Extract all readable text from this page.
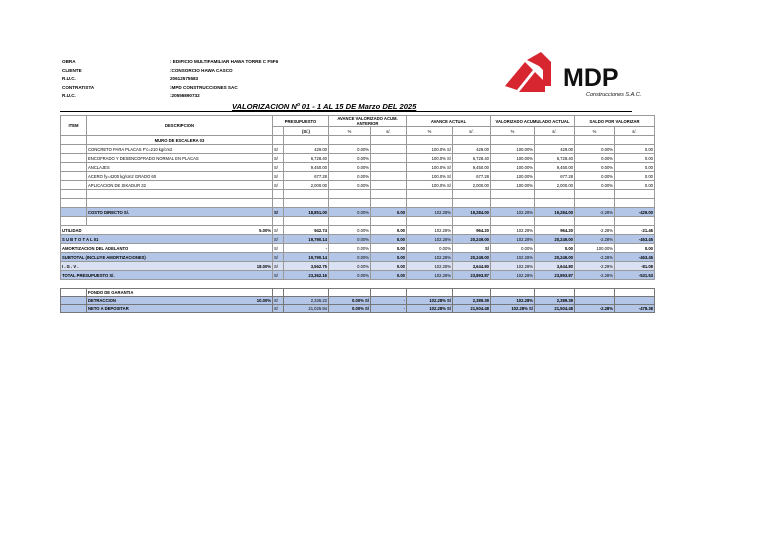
OBRA	: EDIFICIO MULTIFAMILIAR HAWA TORRE C F5F6
CLIENTE	:CONSORCIO HAWA CASCO
R.U.C.	20612575583
CONTRATISTA	:MPD CONSTRUCCIONES SAC
R.U.C.	:20556890732
MDP
Construcciones S.A.C.
VALORIZACION Nº 01 - 1 AL 15 DE Marzo DEL 2025
ITEM	DESCRIPCION	PRESUPUESTO		AVANCE VALORIZADO ACUM. ANTERIOR		AVANCE ACTUAL		VALORIZADO ACUMULADO ACTUAL		SALDO POR VALORIZAR	
			(S/.)	%	s/.	%	s/.	%	s/.	%	s/.
	MURO DE ESCALERA 03										
	CONCRETO PARA PLACAS F'c=210 kg/cm2	S/	429.00	0.00%		100.0% S/	429.00	100.00%	429.00	0.00%	0.00
	ENCOFRADO Y DESENCOFRADO NORMAL EN PLACAS	S/	6,728.40	0.00%		100.0% S/	6,728.40	100.00%	6,728.40	0.00%	0.00
	ANCLAJES	S/	9,450.00	0.00%		100.0% S/	9,450.00	100.00%	9,450.00	0.00%	0.00
	ACERO fy=4200 kg/cm2 GRADO 60	S/	677.28	0.00%		100.0% S/	677.28	100.00%	677.28	0.00%	0.00
	APLICACION DE SIKADUR 32	S/	2,000.00	0.00%		100.0% S/	2,000.00	100.00%	2,000.00	0.00%	0.00

	COSTO DIRECTO S/.	S/	18,851.00	0.00%	0.00	102.28%	19,284.00	102.28%	19,284.00	-2.28%	-429.00

UTILIDAD 5.00%		S/	942.74	0.00%	0.00	102.28%	964.20	102.28%	964.20	-2.28%	-21.46
S U B T O T A L 01		S/	19,790.14	0.00%	0.00	102.28%	20,249.00	102.28%	20,249.00	-2.28%	-463.45
AMORTIZACION DEL ADELANTO		S/	-	0.00%	0.00	0.00%	S/	0.00%	0.00	100.00%	0.00
SUBTOTAL (INCLUYE AMORTIZACIONES)		S/	19,790.14	0.00%	0.00	102.28%	20,249.00	102.28%	20,249.00	-2.28%	-463.45
I . G . V . 18.00%		S/	3,562.75	0.00%	0.00	102.28%	3,644.80	102.28%	3,644.80	-2.29%	-81.08
TOTAL PRESUPUESTO S/.		S/	23,362.16	0.00%	0.00	102.28%	23,893.87	102.28%	23,893.87	-2.28%	-531.53
	FONDO DE GARANTIA										
	DETRACCION 10.00%	S/	2,336.22	0.00% S/	-	102.28% S/	2,389.39	102.28%	2,389.39		
	NETO A DEPOSITAR	S/	21,025.94	0.00% S/	-	102.28% S/	21,504.48	102.28% S/	21,504.48	-2.28%	-478.38
